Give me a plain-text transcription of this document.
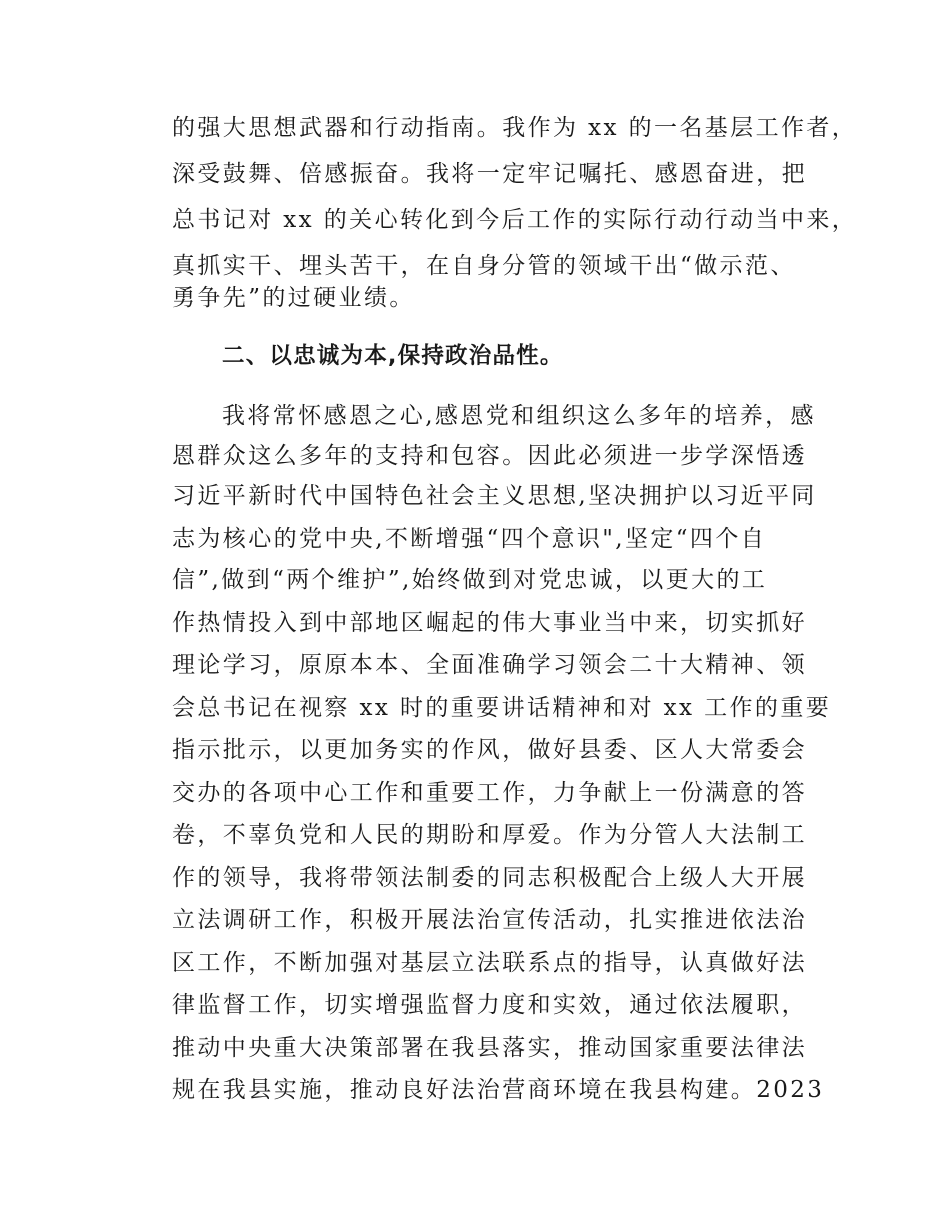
的强大思想武器和行动指南。我作为 xx 的一名基层工作者，
深受鼓舞、倍感振奋。我将一定牢记嘱托、感恩奋进，把
总书记对 xx 的关心转化到今后工作的实际行动行动当中来，
真抓实干、埋头苦干，在自身分管的领域干出“做示范、
勇争先”的过硬业绩。
二、以忠诚为本,保持政治品性。
我将常怀感恩之心,感恩党和组织这么多年的培养，感
恩群众这么多年的支持和包容。因此必须进一步学深悟透
习近平新时代中国特色社会主义思想,坚决拥护以习近平同
志为核心的党中央,不断增强“四个意识",坚定“四个自
信”,做到“两个维护”,始终做到对党忠诚，以更大的工
作热情投入到中部地区崛起的伟大事业当中来，切实抓好
理论学习，原原本本、全面准确学习领会二十大精神、领
会总书记在视察 xx 时的重要讲话精神和对 xx 工作的重要
指示批示，以更加务实的作风，做好县委、区人大常委会
交办的各项中心工作和重要工作，力争献上一份满意的答
卷，不辜负党和人民的期盼和厚爱。作为分管人大法制工
作的领导，我将带领法制委的同志积极配合上级人大开展
立法调研工作，积极开展法治宣传活动，扎实推进依法治
区工作，不断加强对基层立法联系点的指导，认真做好法
律监督工作，切实增强监督力度和实效，通过依法履职，
推动中央重大决策部署在我县落实，推动国家重要法律法
规在我县实施，推动良好法治营商环境在我县构建。2023
